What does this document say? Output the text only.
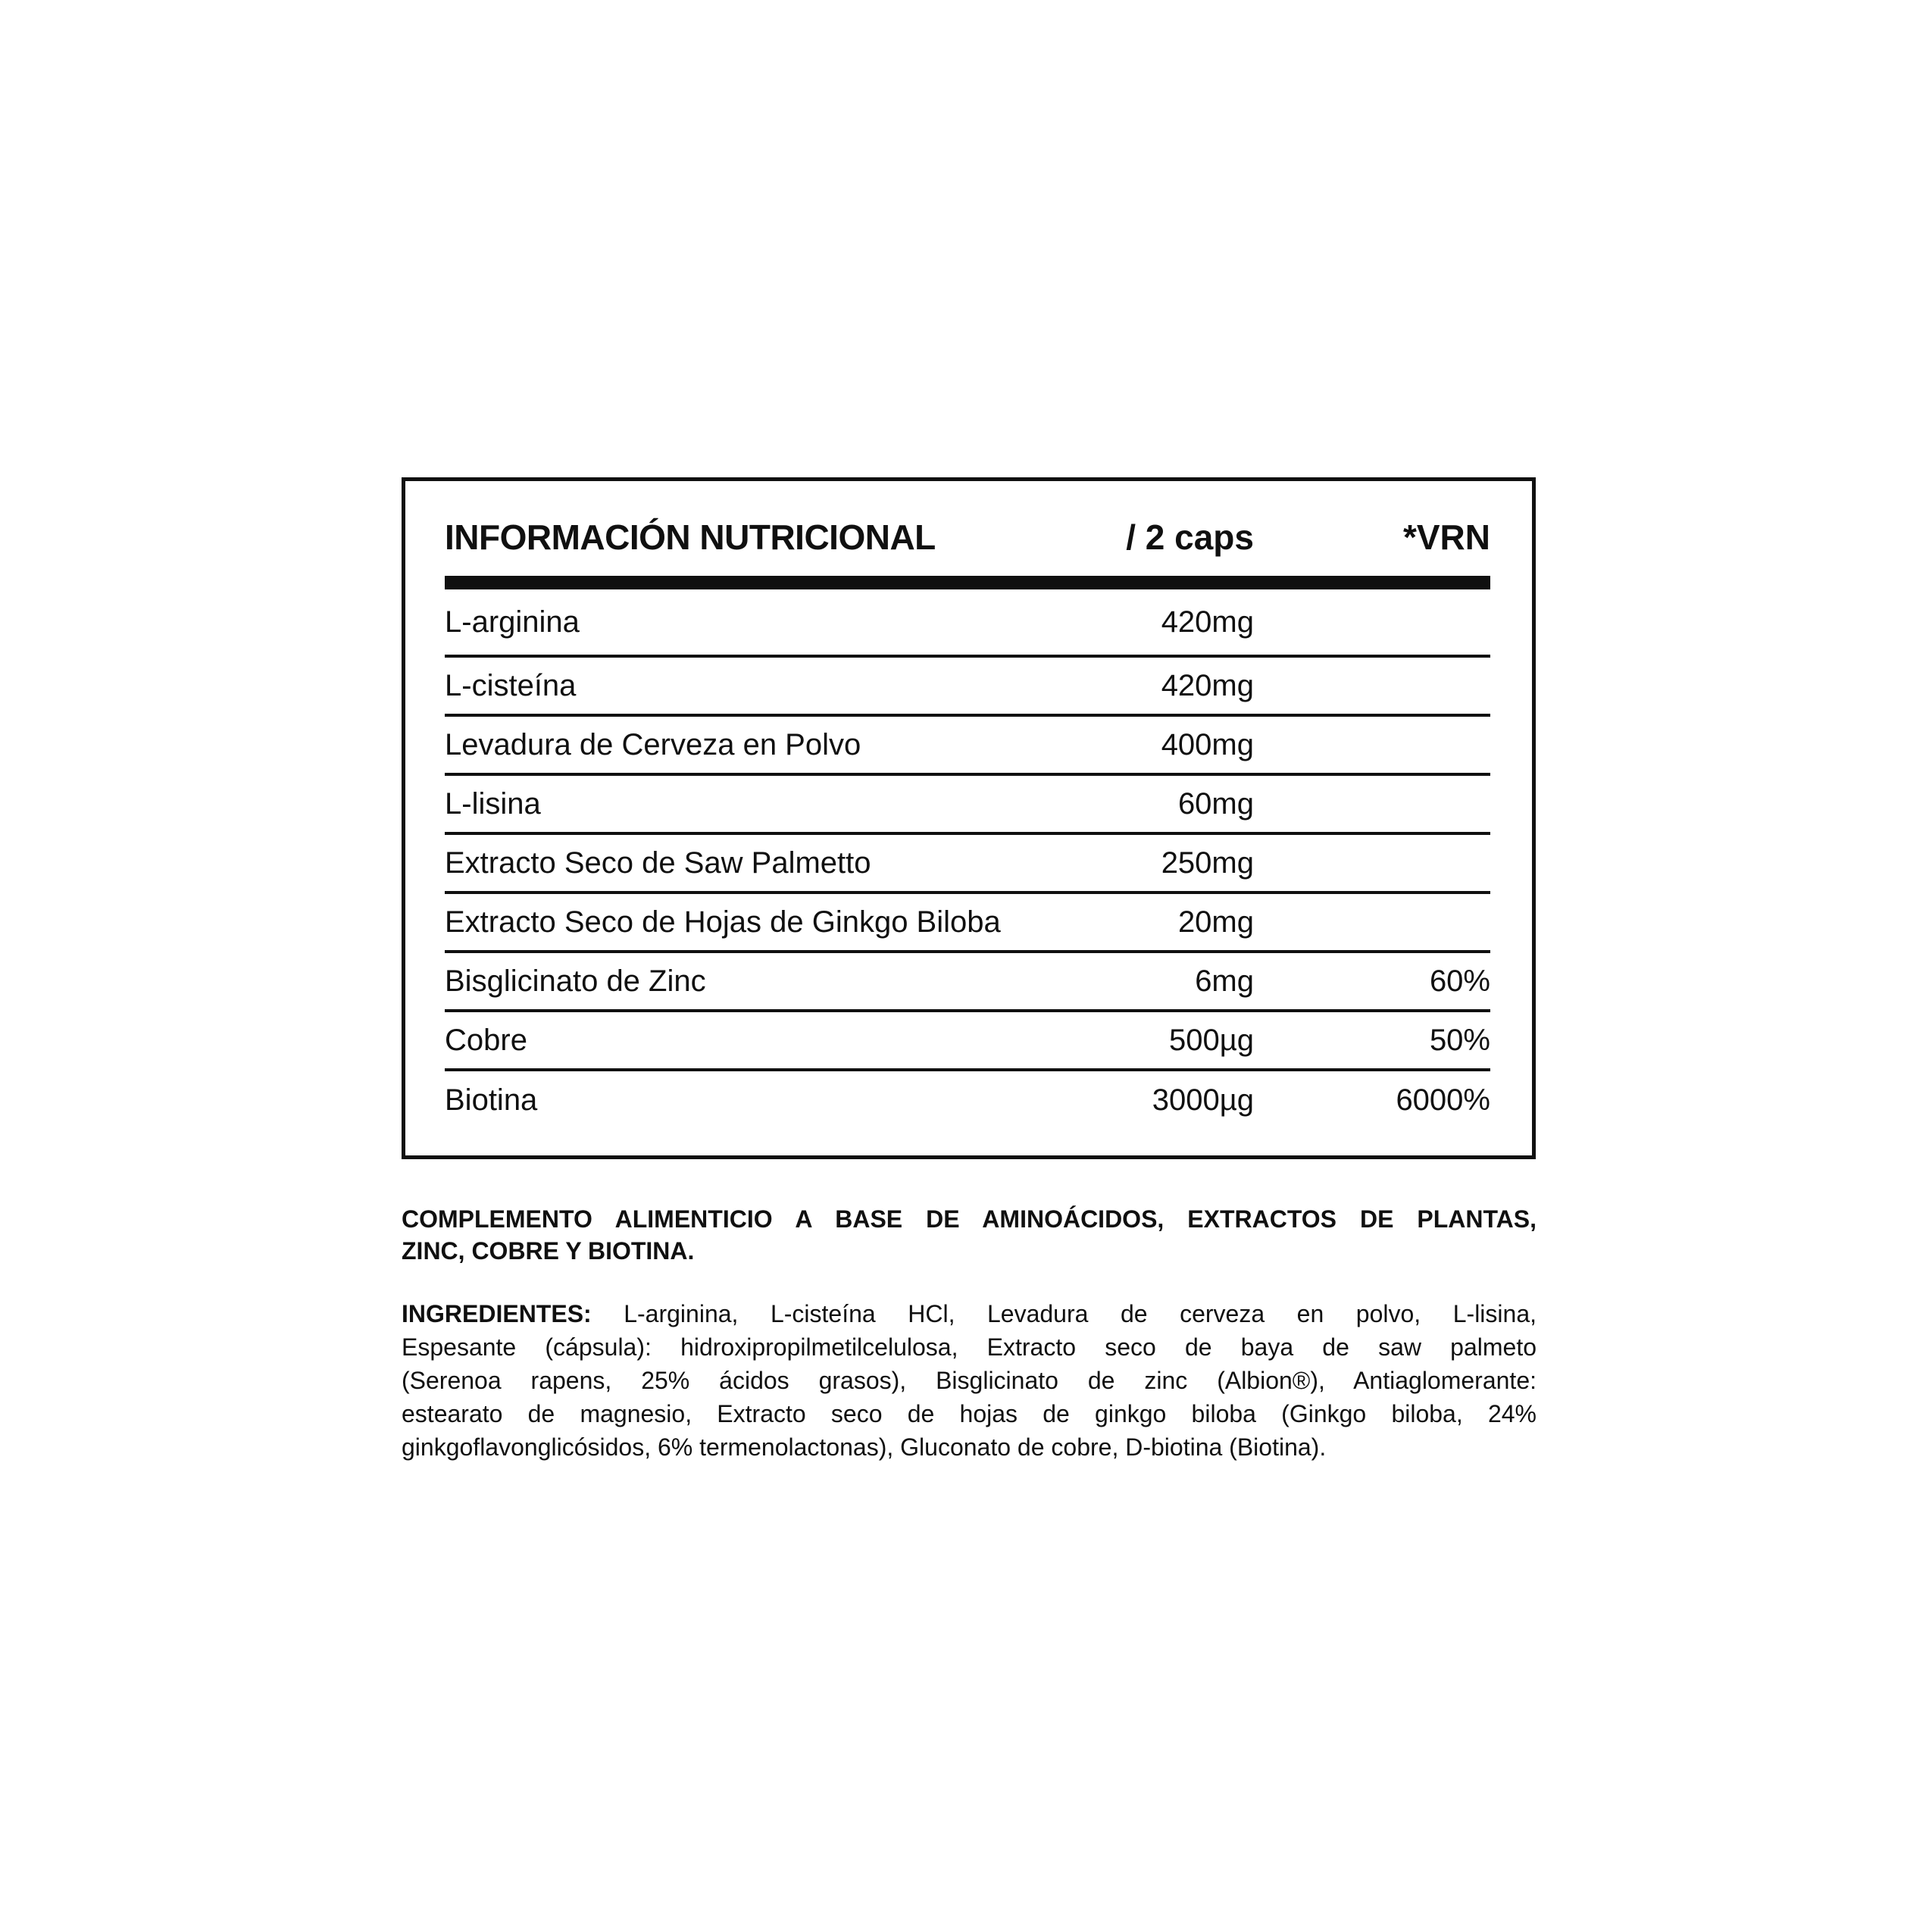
INFORMACIÓN NUTRICIONAL	/ 2 caps	*VRN
L-arginina	420mg
L-cisteína	420mg
Levadura de Cerveza en Polvo	400mg
L-lisina	60mg
Extracto Seco de Saw Palmetto	250mg
Extracto Seco de Hojas de Ginkgo Biloba	20mg
Bisglicinato de Zinc	6mg	60%
Cobre	500µg	50%
Biotina	3000µg	6000%
COMPLEMENTO ALIMENTICIO A BASE DE AMINOÁCIDOS, EXTRACTOS DE PLANTAS,
ZINC, COBRE Y BIOTINA.
INGREDIENTES: L-arginina, L-cisteína HCl, Levadura de cerveza en polvo, L-lisina,
Espesante (cápsula): hidroxipropilmetilcelulosa, Extracto seco de baya de saw palmeto
(Serenoa rapens, 25% ácidos grasos), Bisglicinato de zinc (Albion®), Antiaglomerante:
estearato de magnesio, Extracto seco de hojas de ginkgo biloba (Ginkgo biloba, 24%
ginkgoflavonglicósidos, 6% termenolactonas), Gluconato de cobre, D-biotina (Biotina).
